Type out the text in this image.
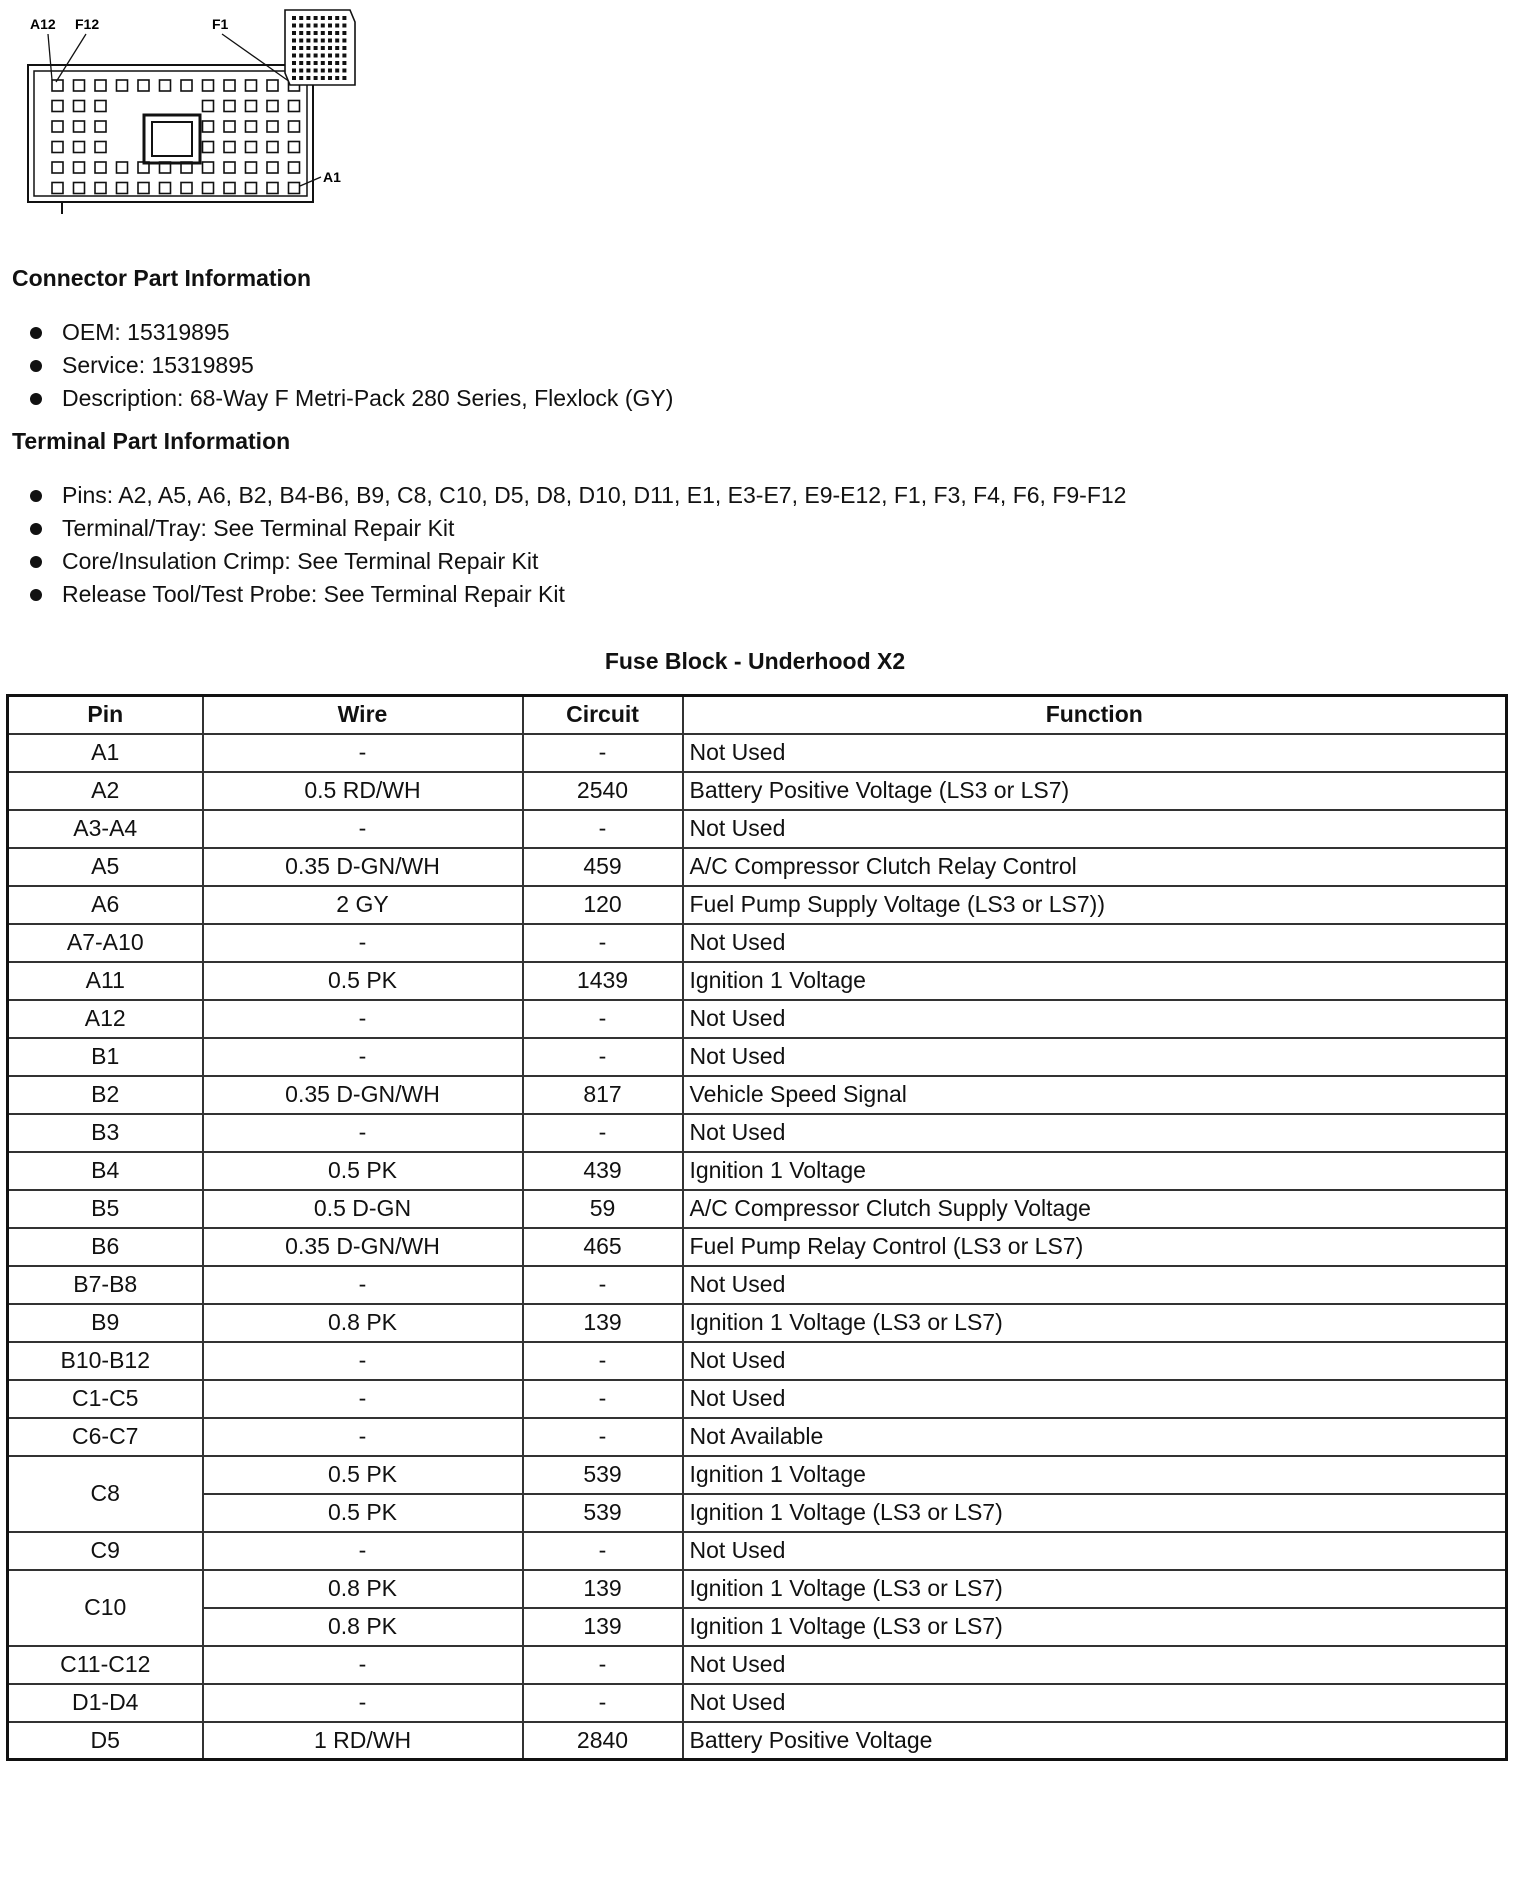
A12 F12	F1
A1
Connector Part Information
OEM: 15319895
Service: 15319895
Description: 68-Way F Metri-Pack 280 Series, Flexlock (GY)
Terminal Part Information
Pins: A2, A5, A6, B2, B4-B6, B9, C8, C10, D5, D8, D10, D11, E1, E3-E7, E9-E12, F1, F3, F4, F6, F9-F12
Terminal/Tray: See Terminal Repair Kit
Core/Insulation Crimp: See Terminal Repair Kit
Release Tool/Test Probe: See Terminal Repair Kit
Fuse Block - Underhood X2
Pin	Wire	Circuit	Function
A1	-	-	Not Used
A2	0.5 RD/WH	2540	Battery Positive Voltage (LS3 or LS7)
A3-A4	-	-	Not Used
A5	0.35 D-GN/WH	459	A/C Compressor Clutch Relay Control
A6	2 GY	120	Fuel Pump Supply Voltage (LS3 or LS7))
A7-A10	-	-	Not Used
A11	0.5 PK	1439	Ignition 1 Voltage
A12	-	-	Not Used
B1	-	-	Not Used
B2	0.35 D-GN/WH	817	Vehicle Speed Signal
B3	-	-	Not Used
B4	0.5 PK	439	Ignition 1 Voltage
B5	0.5 D-GN	59	A/C Compressor Clutch Supply Voltage
B6	0.35 D-GN/WH	465	Fuel Pump Relay Control (LS3 or LS7)
B7-B8	-	-	Not Used
B9	0.8 PK	139	Ignition 1 Voltage (LS3 or LS7)
B10-B12	-	-	Not Used
C1-C5	-	-	Not Used
C6-C7	-	-	Not Available
C8	0.5 PK	539	Ignition 1 Voltage
	0.5 PK	539	Ignition 1 Voltage (LS3 or LS7)
C9	-	-	Not Used
C10	0.8 PK	139	Ignition 1 Voltage (LS3 or LS7)
	0.8 PK	139	Ignition 1 Voltage (LS3 or LS7)
C11-C12	-	-	Not Used
D1-D4	-	-	Not Used
D5	1 RD/WH	2840	Battery Positive Voltage
